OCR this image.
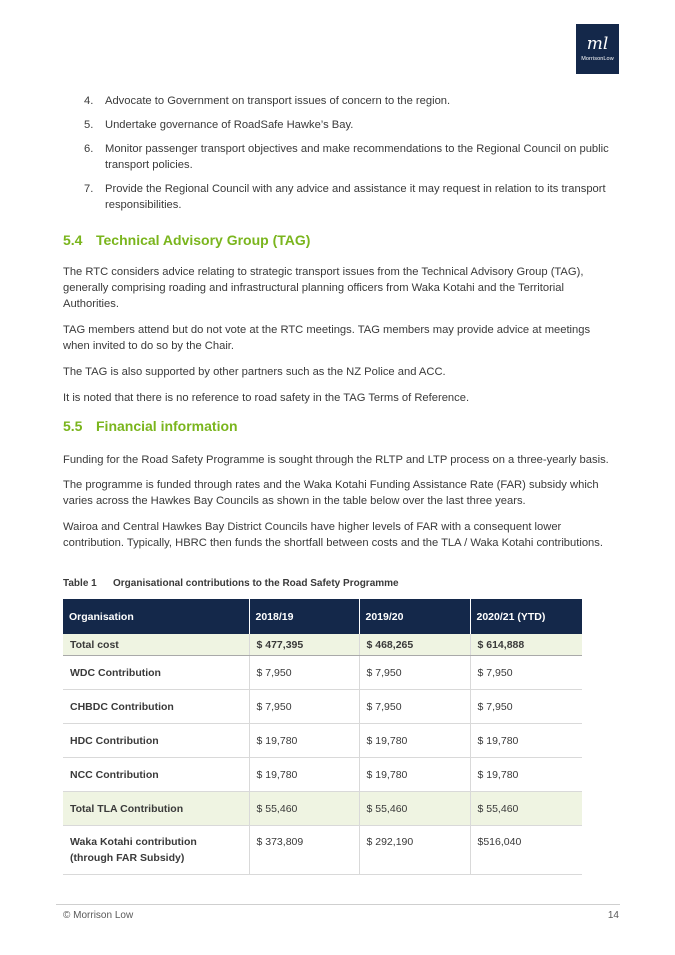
ml
MorrisonLow
4. Advocate to Government on transport issues of concern to the region.
5. Undertake governance of RoadSafe Hawke’s Bay.
6. Monitor passenger transport objectives and make recommendations to the Regional Council on public transport policies.
7. Provide the Regional Council with any advice and assistance it may request in relation to its transport responsibilities.
5.4 Technical Advisory Group (TAG)

The RTC considers advice relating to strategic transport issues from the Technical Advisory Group (TAG), generally comprising roading and infrastructural planning officers from Waka Kotahi and the Territorial Authorities.

TAG members attend but do not vote at the RTC meetings. TAG members may provide advice at meetings when invited to do so by the Chair.

The TAG is also supported by other partners such as the NZ Police and ACC.

It is noted that there is no reference to road safety in the TAG Terms of Reference.

5.5 Financial information

Funding for the Road Safety Programme is sought through the RLTP and LTP process on a three-yearly basis.

The programme is funded through rates and the Waka Kotahi Funding Assistance Rate (FAR) subsidy which varies across the Hawkes Bay Councils as shown in the table below over the last three years.

Wairoa and Central Hawkes Bay District Councils have higher levels of FAR with a consequent lower contribution. Typically, HBRC then funds the shortfall between costs and the TLA / Waka Kotahi contributions.

Table 1 Organisational contributions to the Road Safety Programme
Organisation	2018/19	2019/20	2020/21 (YTD)
Total cost	$ 477,395	$ 468,265	$ 614,888
WDC Contribution	$ 7,950	$ 7,950	$ 7,950
CHBDC Contribution	$ 7,950	$ 7,950	$ 7,950
HDC Contribution	$ 19,780	$ 19,780	$ 19,780
NCC Contribution	$ 19,780	$ 19,780	$ 19,780
Total TLA Contribution	$ 55,460	$ 55,460	$ 55,460
Waka Kotahi contribution (through FAR Subsidy)	$ 373,809	$ 292,190	$516,040
© Morrison Low	14
